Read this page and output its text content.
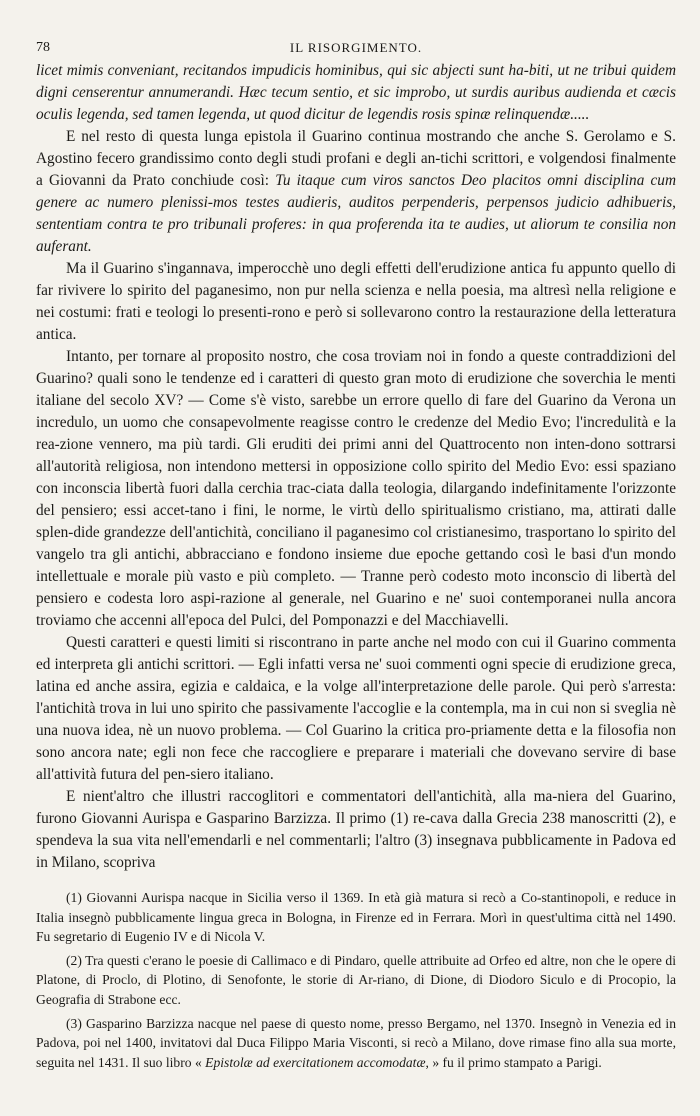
78	IL RISORGIMENTO.

licet mimis conveniant, recitandos impudicis hominibus, qui sic abjecti sunt ha-biti, ut ne tribui quidem digni censerentur annumerandi. Hæc tecum sentio, et sic improbo, ut surdis auribus audienda et cæcis oculis legenda, sed tamen legenda, ut quod dicitur de legendis rosis spinæ relinquendæ.....

E nel resto di questa lunga epistola il Guarino continua mostrando che anche S. Gerolamo e S. Agostino fecero grandissimo conto degli studi profani e degli an-tichi scrittori, e volgendosi finalmente a Giovanni da Prato conchiude così: Tu itaque cum viros sanctos Deo placitos omni disciplina cum genere ac numero plenissi-mos testes audieris, auditos perpenderis, perpensos judicio adhibueris, sententiam contra te pro tribunali proferes: in qua proferenda ita te audies, ut aliorum te consilia non auferant.

Ma il Guarino s'ingannava, imperocchè uno degli effetti dell'erudizione antica fu appunto quello di far rivivere lo spirito del paganesimo, non pur nella scienza e nella poesia, ma altresì nella religione e nei costumi: frati e teologi lo presenti-rono e però si sollevarono contro la restaurazione della letteratura antica.

Intanto, per tornare al proposito nostro, che cosa troviam noi in fondo a queste contraddizioni del Guarino? quali sono le tendenze ed i caratteri di questo gran moto di erudizione che soverchia le menti italiane del secolo XV? — Come s'è visto, sarebbe un errore quello di fare del Guarino da Verona un incredulo, un uomo che consapevolmente reagisse contro le credenze del Medio Evo; l'incredulità e la rea-zione vennero, ma più tardi. Gli eruditi dei primi anni del Quattrocento non inten-dono sottrarsi all'autorità religiosa, non intendono mettersi in opposizione collo spirito del Medio Evo: essi spaziano con inconscia libertà fuori dalla cerchia trac-ciata dalla teologia, dilargando indefinitamente l'orizzonte del pensiero; essi accet-tano i fini, le norme, le virtù dello spiritualismo cristiano, ma, attirati dalle splen-dide grandezze dell'antichità, conciliano il paganesimo col cristianesimo, trasportano lo spirito del vangelo tra gli antichi, abbracciano e fondono insieme due epoche gettando così le basi d'un mondo intellettuale e morale più vasto e più completo. — Tranne però codesto moto inconscio di libertà del pensiero e codesta loro aspi-razione al generale, nel Guarino e ne' suoi contemporanei nulla ancora troviamo che accenni all'epoca del Pulci, del Pomponazzi e del Macchiavelli.

Questi caratteri e questi limiti si riscontrano in parte anche nel modo con cui il Guarino commenta ed interpreta gli antichi scrittori. — Egli infatti versa ne' suoi commenti ogni specie di erudizione greca, latina ed anche assira, egizia e caldaica, e la volge all'interpretazione delle parole. Qui però s'arresta: l'antichità trova in lui uno spirito che passivamente l'accoglie e la contempla, ma in cui non si sveglia nè una nuova idea, nè un nuovo problema. — Col Guarino la critica pro-priamente detta e la filosofia non sono ancora nate; egli non fece che raccogliere e preparare i materiali che dovevano servire di base all'attività futura del pen-siero italiano.

E nient'altro che illustri raccoglitori e commentatori dell'antichità, alla ma-niera del Guarino, furono Giovanni Aurispa e Gasparino Barzizza. Il primo (1) re-cava dalla Grecia 238 manoscritti (2), e spendeva la sua vita nell'emendarli e nel commentarli; l'altro (3) insegnava pubblicamente in Padova ed in Milano, scopriva

(1) Giovanni Aurispa nacque in Sicilia verso il 1369. In età già matura si recò a Co-stantinopoli, e reduce in Italia insegnò pubblicamente lingua greca in Bologna, in Firenze ed in Ferrara. Morì in quest'ultima città nel 1490. Fu segretario di Eugenio IV e di Nicola V.

(2) Tra questi c'erano le poesie di Callimaco e di Pindaro, quelle attribuite ad Orfeo ed altre, non che le opere di Platone, di Proclo, di Plotino, di Senofonte, le storie di Ar-riano, di Dione, di Diodoro Siculo e di Procopio, la Geografia di Strabone ecc.

(3) Gasparino Barzizza nacque nel paese di questo nome, presso Bergamo, nel 1370. Insegnò in Venezia ed in Padova, poi nel 1400, invitatovi dal Duca Filippo Maria Visconti, si recò a Milano, dove rimase fino alla sua morte, seguita nel 1431. Il suo libro « Epistolæ ad exercitationem accomodatæ, » fu il primo stampato a Parigi.
